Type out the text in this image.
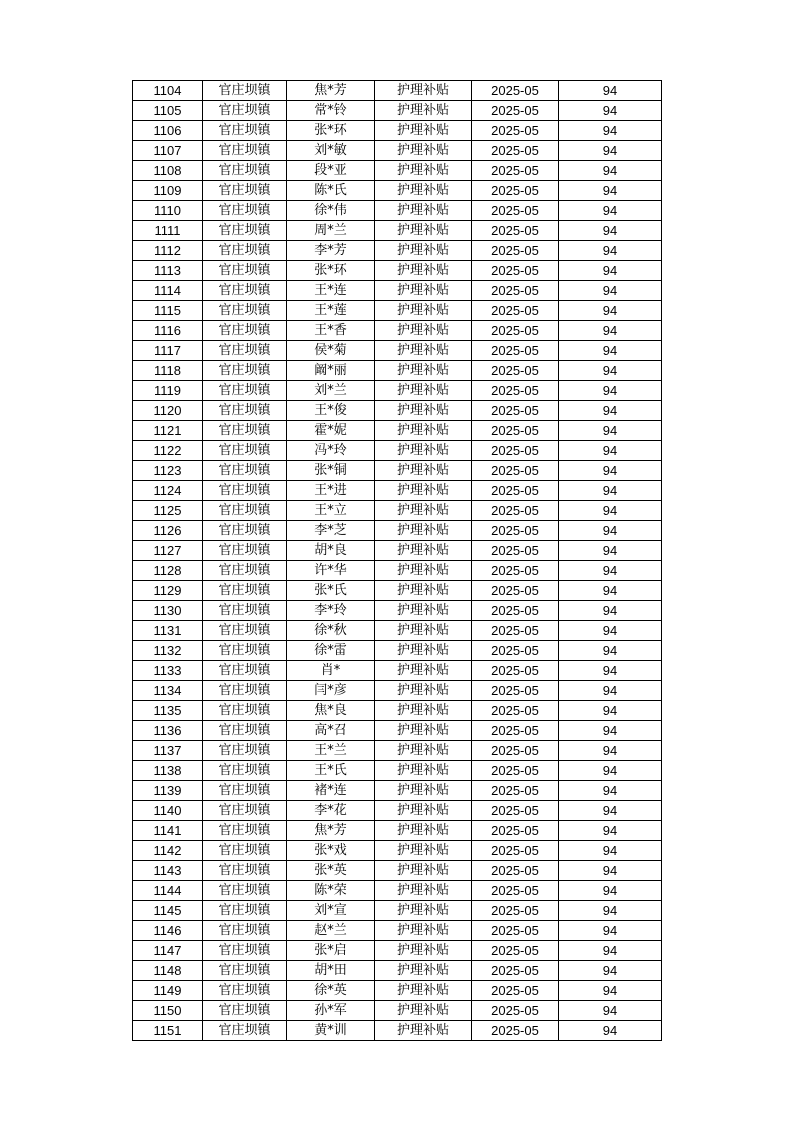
1104	官庄坝镇	焦*芳	护理补贴	2025-05	94
1105	官庄坝镇	常*铃	护理补贴	2025-05	94
1106	官庄坝镇	张*环	护理补贴	2025-05	94
1107	官庄坝镇	刘*敏	护理补贴	2025-05	94
1108	官庄坝镇	段*亚	护理补贴	2025-05	94
1109	官庄坝镇	陈*氏	护理补贴	2025-05	94
1110	官庄坝镇	徐*伟	护理补贴	2025-05	94
1111	官庄坝镇	周*兰	护理补贴	2025-05	94
1112	官庄坝镇	李*芳	护理补贴	2025-05	94
1113	官庄坝镇	张*环	护理补贴	2025-05	94
1114	官庄坝镇	王*连	护理补贴	2025-05	94
1115	官庄坝镇	王*莲	护理补贴	2025-05	94
1116	官庄坝镇	王*香	护理补贴	2025-05	94
1117	官庄坝镇	侯*菊	护理补贴	2025-05	94
1118	官庄坝镇	阚*丽	护理补贴	2025-05	94
1119	官庄坝镇	刘*兰	护理补贴	2025-05	94
1120	官庄坝镇	王*俊	护理补贴	2025-05	94
1121	官庄坝镇	霍*妮	护理补贴	2025-05	94
1122	官庄坝镇	冯*玲	护理补贴	2025-05	94
1123	官庄坝镇	张*铜	护理补贴	2025-05	94
1124	官庄坝镇	王*进	护理补贴	2025-05	94
1125	官庄坝镇	王*立	护理补贴	2025-05	94
1126	官庄坝镇	李*芝	护理补贴	2025-05	94
1127	官庄坝镇	胡*良	护理补贴	2025-05	94
1128	官庄坝镇	许*华	护理补贴	2025-05	94
1129	官庄坝镇	张*氏	护理补贴	2025-05	94
1130	官庄坝镇	李*玲	护理补贴	2025-05	94
1131	官庄坝镇	徐*秋	护理补贴	2025-05	94
1132	官庄坝镇	徐*雷	护理补贴	2025-05	94
1133	官庄坝镇	肖*	护理补贴	2025-05	94
1134	官庄坝镇	闫*彦	护理补贴	2025-05	94
1135	官庄坝镇	焦*良	护理补贴	2025-05	94
1136	官庄坝镇	高*召	护理补贴	2025-05	94
1137	官庄坝镇	王*兰	护理补贴	2025-05	94
1138	官庄坝镇	王*氏	护理补贴	2025-05	94
1139	官庄坝镇	褚*连	护理补贴	2025-05	94
1140	官庄坝镇	李*花	护理补贴	2025-05	94
1141	官庄坝镇	焦*芳	护理补贴	2025-05	94
1142	官庄坝镇	张*戏	护理补贴	2025-05	94
1143	官庄坝镇	张*英	护理补贴	2025-05	94
1144	官庄坝镇	陈*荣	护理补贴	2025-05	94
1145	官庄坝镇	刘*宣	护理补贴	2025-05	94
1146	官庄坝镇	赵*兰	护理补贴	2025-05	94
1147	官庄坝镇	张*启	护理补贴	2025-05	94
1148	官庄坝镇	胡*田	护理补贴	2025-05	94
1149	官庄坝镇	徐*英	护理补贴	2025-05	94
1150	官庄坝镇	孙*军	护理补贴	2025-05	94
1151	官庄坝镇	黄*训	护理补贴	2025-05	94
